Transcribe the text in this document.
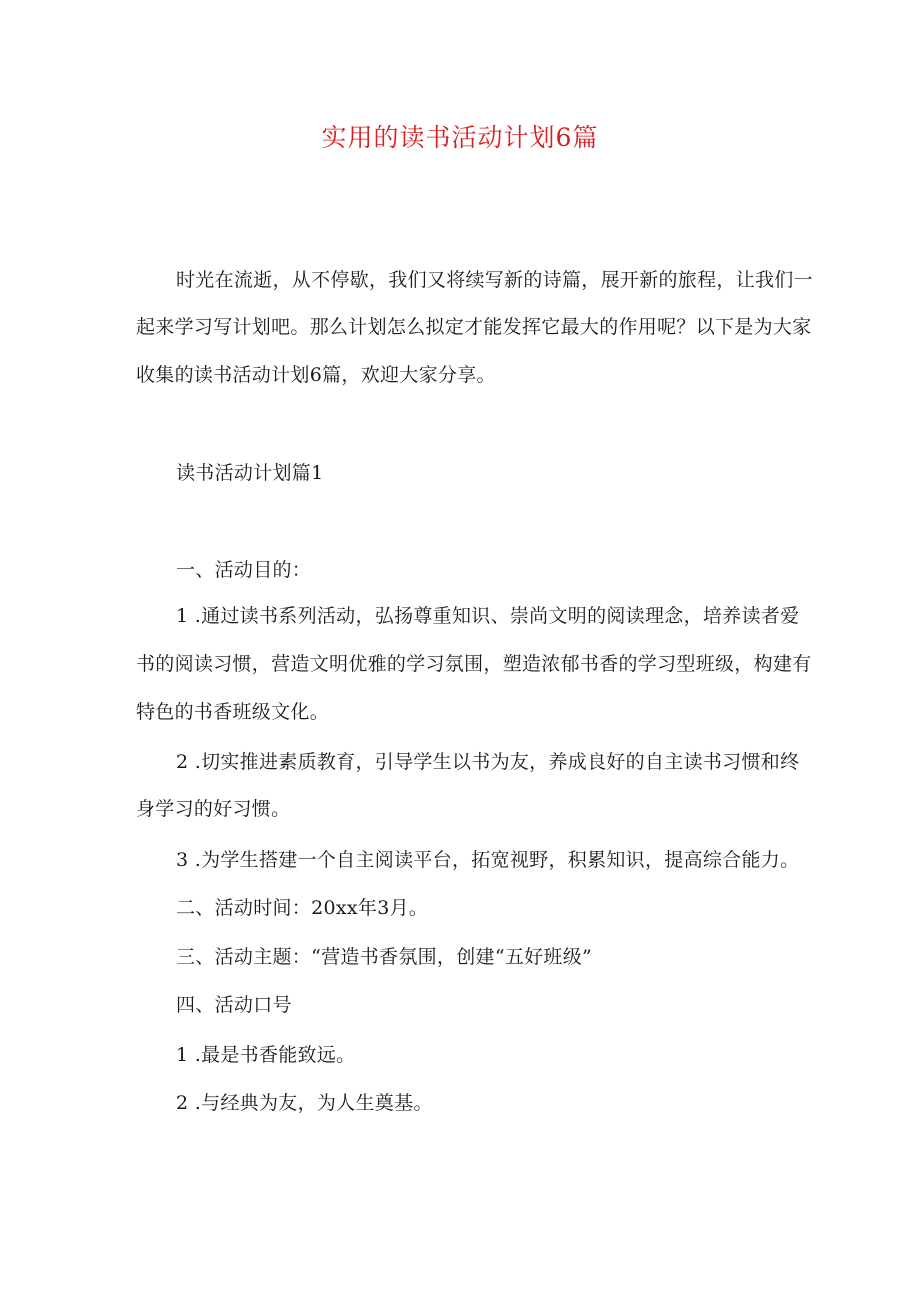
实用的读书活动计划6篇
时光在流逝，从不停歇，我们又将续写新的诗篇，展开新的旅程，让我们一
起来学习写计划吧。那么计划怎么拟定才能发挥它最大的作用呢？以下是为大家
收集的读书活动计划6篇，欢迎大家分享。
读书活动计划篇1
一、活动目的：
1 .通过读书系列活动，弘扬尊重知识、崇尚文明的阅读理念，培养读者爱
书的阅读习惯，营造文明优雅的学习氛围，塑造浓郁书香的学习型班级，构建有
特色的书香班级文化。
2 .切实推进素质教育，引导学生以书为友，养成良好的自主读书习惯和终
身学习的好习惯。
3 .为学生搭建一个自主阅读平台，拓宽视野，积累知识，提高综合能力。
二、活动时间：20xx年3月。
三、活动主题：“营造书香氛围，创建“五好班级”
四、活动口号
1 .最是书香能致远。
2 .与经典为友，为人生奠基。
